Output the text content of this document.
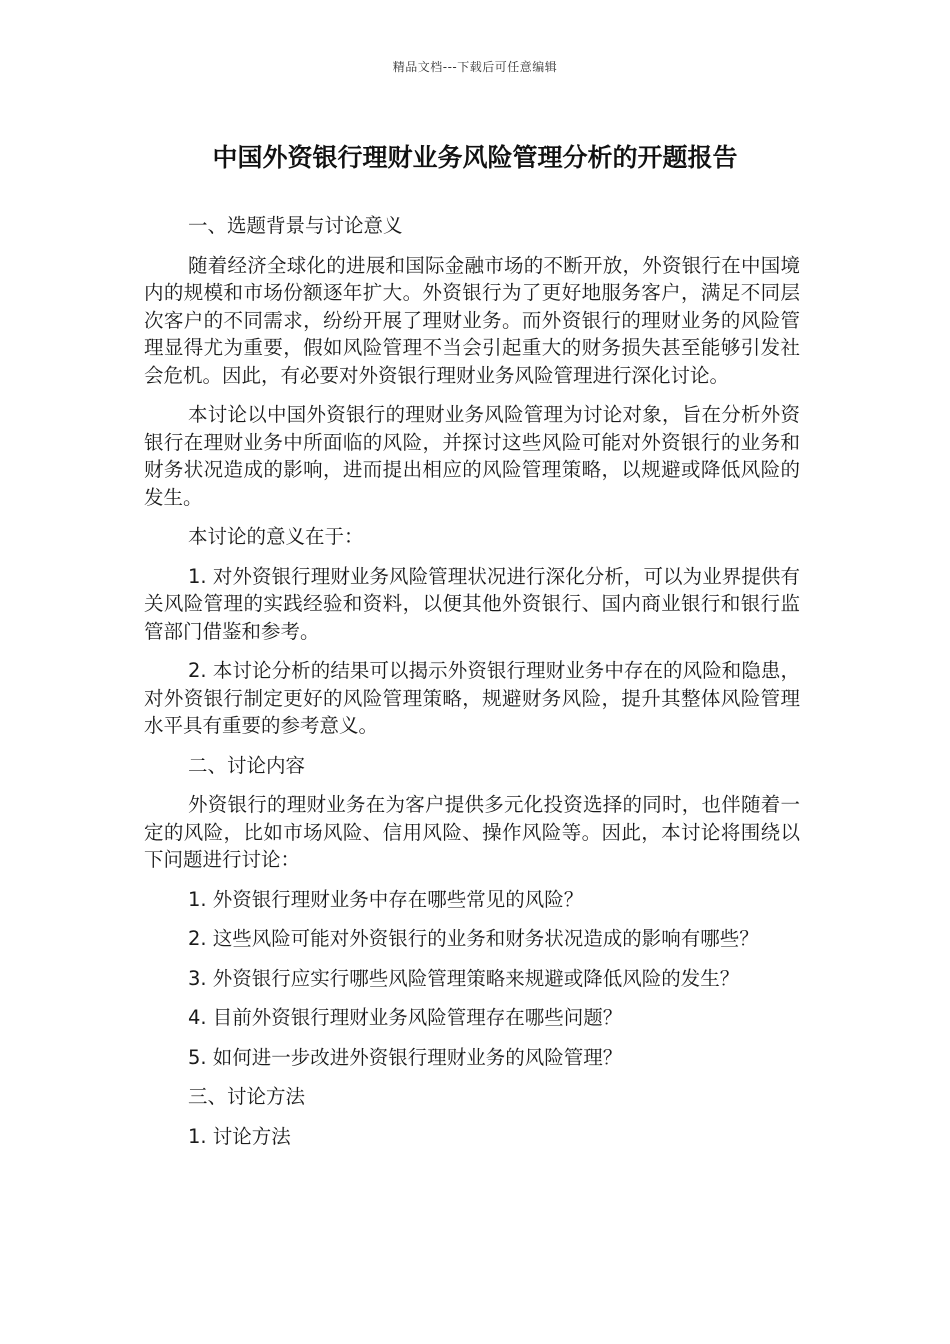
精品文档---下载后可任意编辑
中国外资银行理财业务风险管理分析的开题报告

一、选题背景与讨论意义

随着经济全球化的进展和国际金融市场的不断开放，外资银行在中国境内的规模和市场份额逐年扩大。外资银行为了更好地服务客户，满足不同层次客户的不同需求，纷纷开展了理财业务。而外资银行的理财业务的风险管理显得尤为重要，假如风险管理不当会引起重大的财务损失甚至能够引发社会危机。因此，有必要对外资银行理财业务风险管理进行深化讨论。

本讨论以中国外资银行的理财业务风险管理为讨论对象，旨在分析外资银行在理财业务中所面临的风险，并探讨这些风险可能对外资银行的业务和财务状况造成的影响，进而提出相应的风险管理策略，以规避或降低风险的发生。

本讨论的意义在于：

1. 对外资银行理财业务风险管理状况进行深化分析，可以为业界提供有关风险管理的实践经验和资料，以便其他外资银行、国内商业银行和银行监管部门借鉴和参考。

2. 本讨论分析的结果可以揭示外资银行理财业务中存在的风险和隐患，对外资银行制定更好的风险管理策略，规避财务风险，提升其整体风险管理水平具有重要的参考意义。

二、讨论内容

外资银行的理财业务在为客户提供多元化投资选择的同时，也伴随着一定的风险，比如市场风险、信用风险、操作风险等。因此，本讨论将围绕以下问题进行讨论：

1. 外资银行理财业务中存在哪些常见的风险？

2. 这些风险可能对外资银行的业务和财务状况造成的影响有哪些？

3. 外资银行应实行哪些风险管理策略来规避或降低风险的发生？

4. 目前外资银行理财业务风险管理存在哪些问题？

5. 如何进一步改进外资银行理财业务的风险管理？

三、讨论方法

1. 讨论方法
